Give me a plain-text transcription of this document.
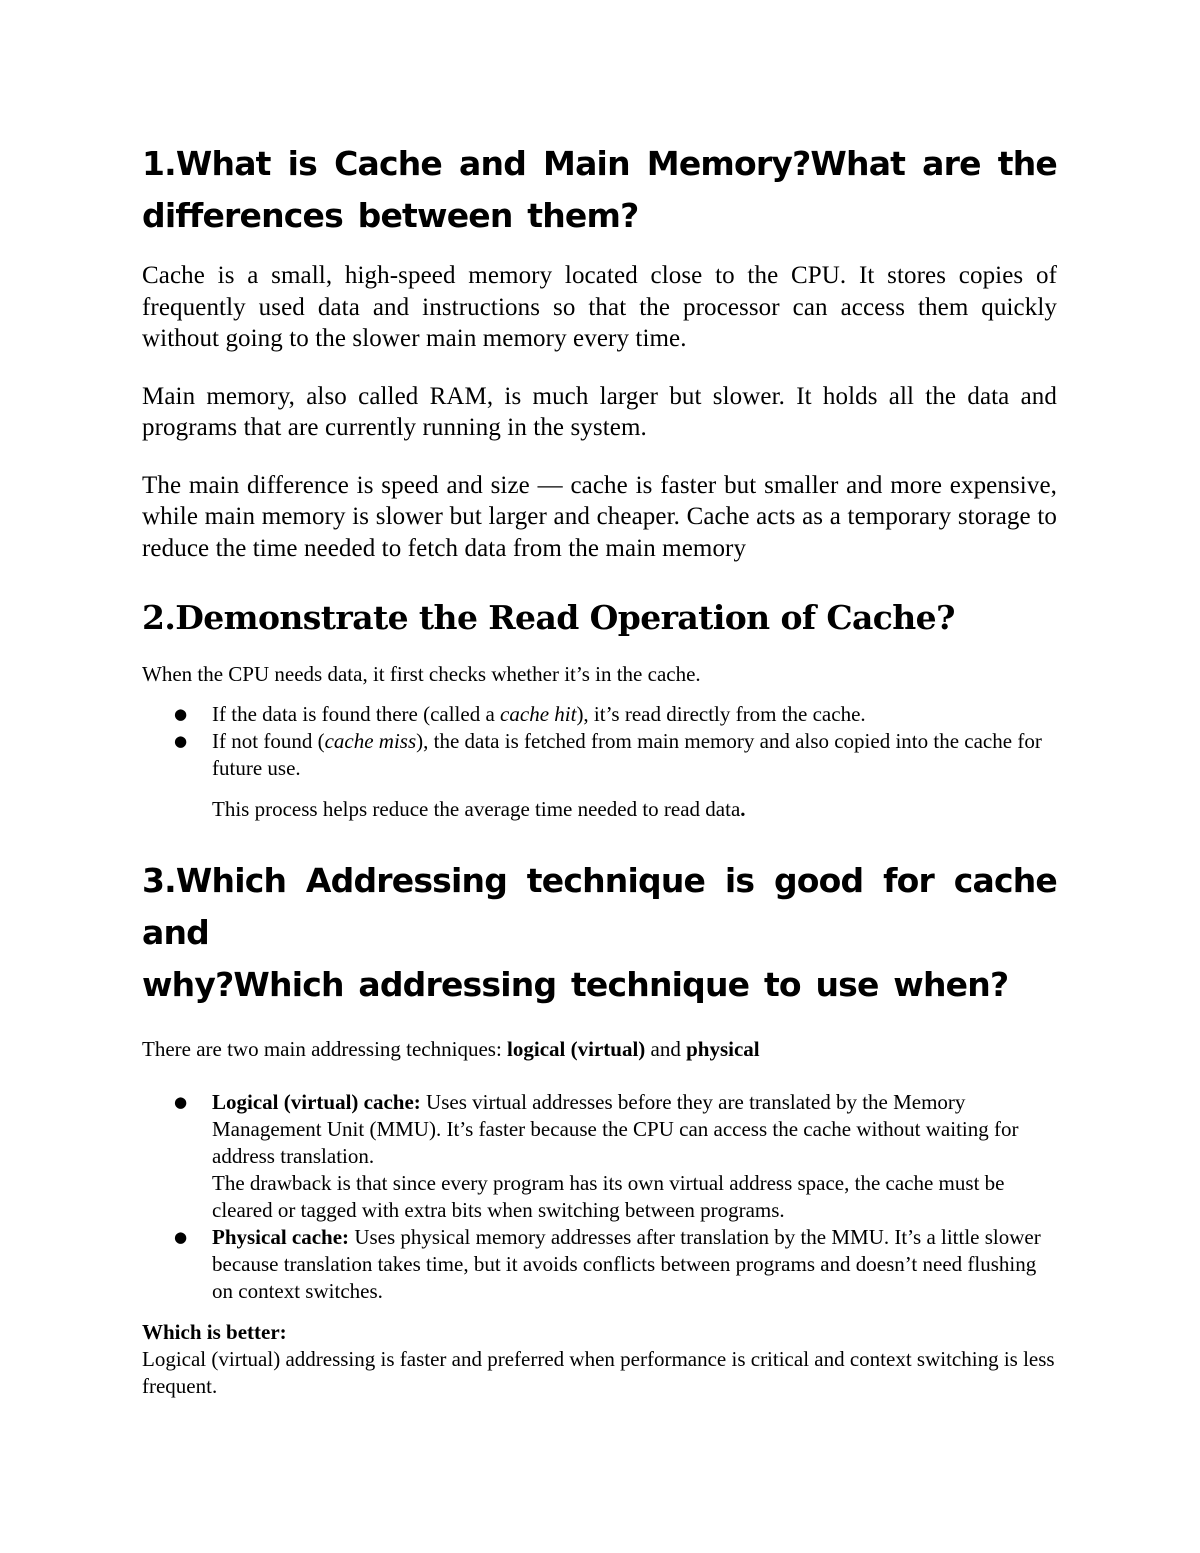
1.What is Cache and Main Memory?What are the
differences between them?

Cache is a small, high-speed memory located close to the CPU. It stores copies of frequently used data and instructions so that the processor can access them quickly without going to the slower main memory every time.

Main memory, also called RAM, is much larger but slower. It holds all the data and programs that are currently running in the system.

The main difference is speed and size — cache is faster but smaller and more expensive, while main memory is slower but larger and cheaper. Cache acts as a temporary storage to reduce the time needed to fetch data from the main memory

2.Demonstrate the Read Operation of Cache?

When the CPU needs data, it first checks whether it’s in the cache.

● If the data is found there (called a cache hit), it’s read directly from the cache.
● If not found (cache miss), the data is fetched from main memory and also copied into the cache for future use.

This process helps reduce the average time needed to read data.

3.Which Addressing technique is good for cache and
why?Which addressing technique to use when?

There are two main addressing techniques: logical (virtual) and physical

● Logical (virtual) cache: Uses virtual addresses before they are translated by the Memory Management Unit (MMU). It’s faster because the CPU can access the cache without waiting for address translation.
The drawback is that since every program has its own virtual address space, the cache must be cleared or tagged with extra bits when switching between programs.
● Physical cache: Uses physical memory addresses after translation by the MMU. It’s a little slower because translation takes time, but it avoids conflicts between programs and doesn’t need flushing on context switches.

Which is better:
Logical (virtual) addressing is faster and preferred when performance is critical and context switching is less frequent.
